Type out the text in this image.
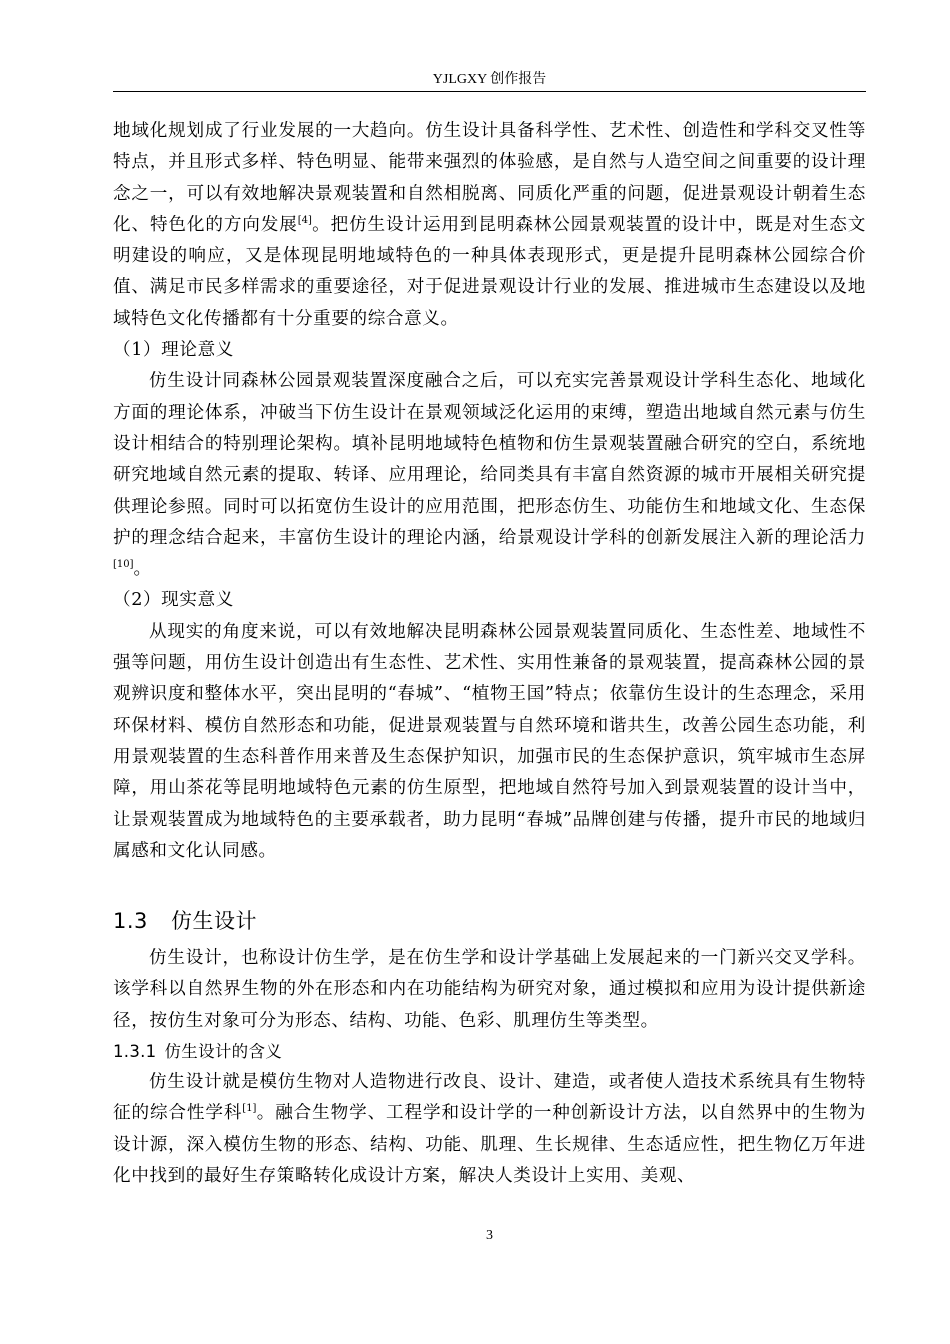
YJLGXY 创作报告

地域化规划成了行业发展的一大趋向。仿生设计具备科学性、艺术性、创造性和学科交叉性等特点，并且形式多样、特色明显、能带来强烈的体验感，是自然与人造空间之间重要的设计理念之一，可以有效地解决景观装置和自然相脱离、同质化严重的问题，促进景观设计朝着生态化、特色化的方向发展[4]。把仿生设计运用到昆明森林公园景观装置的设计中，既是对生态文明建设的响应，又是体现昆明地域特色的一种具体表现形式，更是提升昆明森林公园综合价值、满足市民多样需求的重要途径，对于促进景观设计行业的发展、推进城市生态建设以及地域特色文化传播都有十分重要的综合意义。

（1）理论意义

仿生设计同森林公园景观装置深度融合之后，可以充实完善景观设计学科生态化、地域化方面的理论体系，冲破当下仿生设计在景观领域泛化运用的束缚，塑造出地域自然元素与仿生设计相结合的特别理论架构。填补昆明地域特色植物和仿生景观装置融合研究的空白，系统地研究地域自然元素的提取、转译、应用理论，给同类具有丰富自然资源的城市开展相关研究提供理论参照。同时可以拓宽仿生设计的应用范围，把形态仿生、功能仿生和地域文化、生态保护的理念结合起来，丰富仿生设计的理论内涵，给景观设计学科的创新发展注入新的理论活力[10]。

（2）现实意义

从现实的角度来说，可以有效地解决昆明森林公园景观装置同质化、生态性差、地域性不强等问题，用仿生设计创造出有生态性、艺术性、实用性兼备的景观装置，提高森林公园的景观辨识度和整体水平，突出昆明的“春城”、“植物王国”特点；依靠仿生设计的生态理念，采用环保材料、模仿自然形态和功能，促进景观装置与自然环境和谐共生，改善公园生态功能，利用景观装置的生态科普作用来普及生态保护知识，加强市民的生态保护意识，筑牢城市生态屏障，用山茶花等昆明地域特色元素的仿生原型，把地域自然符号加入到景观装置的设计当中，让景观装置成为地域特色的主要承载者，助力昆明“春城”品牌创建与传播，提升市民的地域归属感和文化认同感。

1.3 仿生设计

仿生设计，也称设计仿生学，是在仿生学和设计学基础上发展起来的一门新兴交叉学科。该学科以自然界生物的外在形态和内在功能结构为研究对象，通过模拟和应用为设计提供新途径，按仿生对象可分为形态、结构、功能、色彩、肌理仿生等类型。

1.3.1 仿生设计的含义

仿生设计就是模仿生物对人造物进行改良、设计、建造，或者使人造技术系统具有生物特征的综合性学科[1]。融合生物学、工程学和设计学的一种创新设计方法，以自然界中的生物为设计源，深入模仿生物的形态、结构、功能、肌理、生长规律、生态适应性，把生物亿万年进化中找到的最好生存策略转化成设计方案，解决人类设计上实用、美观、

3
